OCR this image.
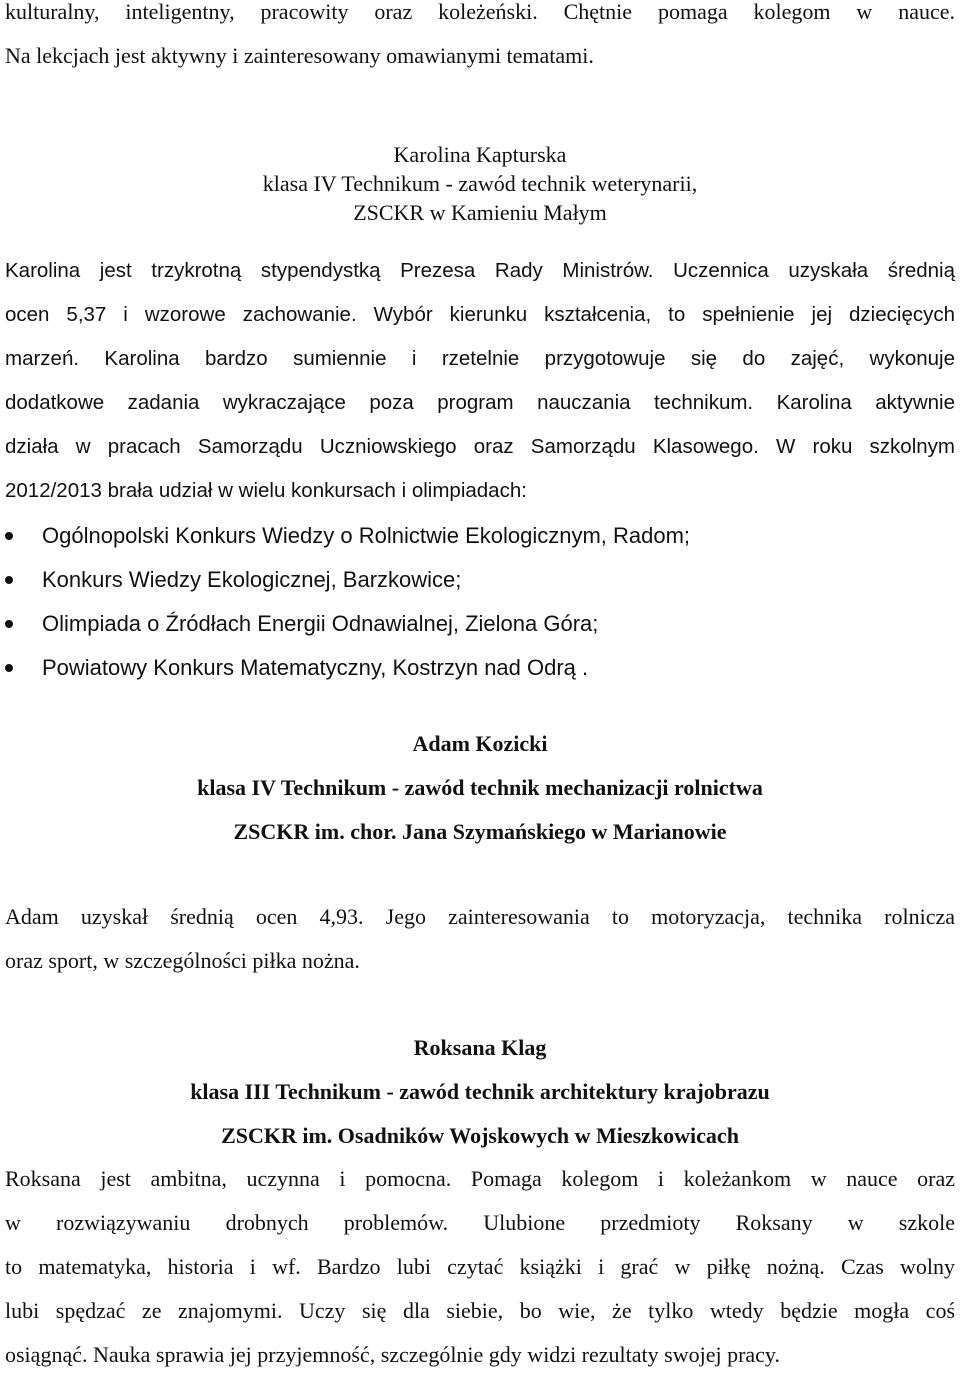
kulturalny, inteligentny, pracowity oraz koleżeński. Chętnie pomaga kolegom w nauce.
Na lekcjach jest aktywny i zainteresowany omawianymi tematami.
Karolina Kapturska
klasa IV Technikum - zawód technik weterynarii,
ZSCKR w Kamieniu Małym
Karolina jest trzykrotną stypendystką Prezesa Rady Ministrów. Uczennica uzyskała średnią
ocen 5,37 i wzorowe zachowanie. Wybór kierunku kształcenia, to spełnienie jej dziecięcych
marzeń. Karolina bardzo sumiennie i rzetelnie przygotowuje się do zajęć, wykonuje
dodatkowe zadania wykraczające poza program nauczania technikum. Karolina aktywnie
działa w pracach Samorządu Uczniowskiego oraz Samorządu Klasowego. W roku szkolnym
2012/2013 brała udział w wielu konkursach i olimpiadach:
Ogólnopolski Konkurs Wiedzy o Rolnictwie Ekologicznym, Radom;
Konkurs Wiedzy Ekologicznej, Barzkowice;
Olimpiada o Źródłach Energii Odnawialnej, Zielona Góra;
Powiatowy Konkurs Matematyczny, Kostrzyn nad Odrą .
Adam Kozicki
klasa IV Technikum - zawód technik mechanizacji rolnictwa
ZSCKR im. chor. Jana Szymańskiego w Marianowie
Adam uzyskał średnią ocen 4,93. Jego zainteresowania to motoryzacja, technika rolnicza
oraz sport, w szczególności piłka nożna.
Roksana Klag
klasa III Technikum - zawód technik architektury krajobrazu
ZSCKR im. Osadników Wojskowych w Mieszkowicach
Roksana jest ambitna, uczynna i pomocna. Pomaga kolegom i koleżankom w nauce oraz
w rozwiązywaniu drobnych problemów. Ulubione przedmioty Roksany w szkole
to matematyka, historia i wf. Bardzo lubi czytać książki i grać w piłkę nożną. Czas wolny
lubi spędzać ze znajomymi. Uczy się dla siebie, bo wie, że tylko wtedy będzie mogła coś
osiągnąć. Nauka sprawia jej przyjemność, szczególnie gdy widzi rezultaty swojej pracy.
